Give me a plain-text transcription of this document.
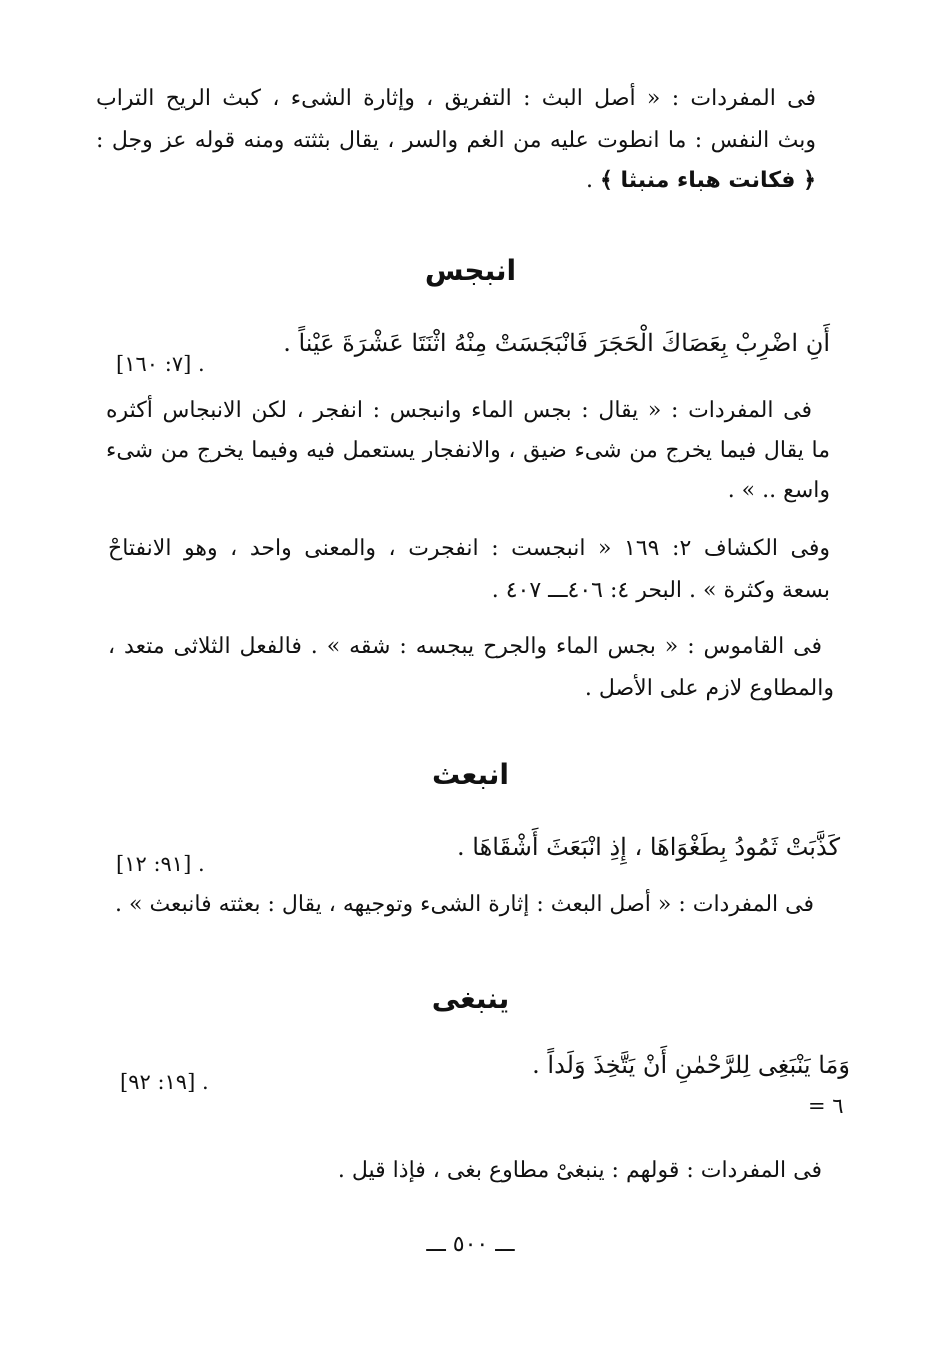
فى المفردات : « أصل البث : التفريق ، وإثارة الشىء ، كبث الريح التراب
وبث النفس : ما انطوت عليه من الغم والسر ، يقال بثثته ومنه قوله عز وجل :
﴿ فكانت هباء منبثا ﴾ .
انبجس
أَنِ اضْرِبْ بِعَصَاكَ الْحَجَرَ فَانْبَجَسَتْ مِنْهُ اثْنَتَا عَشْرَةَ عَيْناً .
[٧: ١٦٠] .
فى المفردات : « يقال : بجس الماء وانبجس : انفجر ، لكن الانبجاس أكثره
ما يقال فيما يخرج من شىء ضيق ، والانفجار يستعمل فيه وفيما يخرج من شىء
واسع .. » .
وفى الكشاف ٢: ١٦٩ « انبجست : انفجرت ، والمعنى واحد ، وهو الانفتاحْ
بسعة وكثرة » . البحر ٤: ٤٠٦ـــ ٤٠٧ .
فى القاموس : « بجس الماء والجرح يبجسه : شقه » . فالفعل الثلاثى متعد ،
والمطاوع لازم على الأصل .
انبعث
كَذَّبَتْ ثَمُودُ بِطَغْوَاهَا ، إِذِ انْبَعَثَ أَشْقَاهَا .
[٩١: ١٢] .
فى المفردات : « أصل البعث : إثارة الشىء وتوجيهه ، يقال : بعثته فانبعث » .
ينبغى
وَمَا يَنْبَغِى لِلرَّحْمٰنِ أَنْ يَتَّخِذَ وَلَداً .
[١٩: ٩٢] .
٦ =
فى المفردات : قولهم : ينبغىْ مطاوع بغى ، فإذا قيل .
ـــ ٥٠٠ ـــ
